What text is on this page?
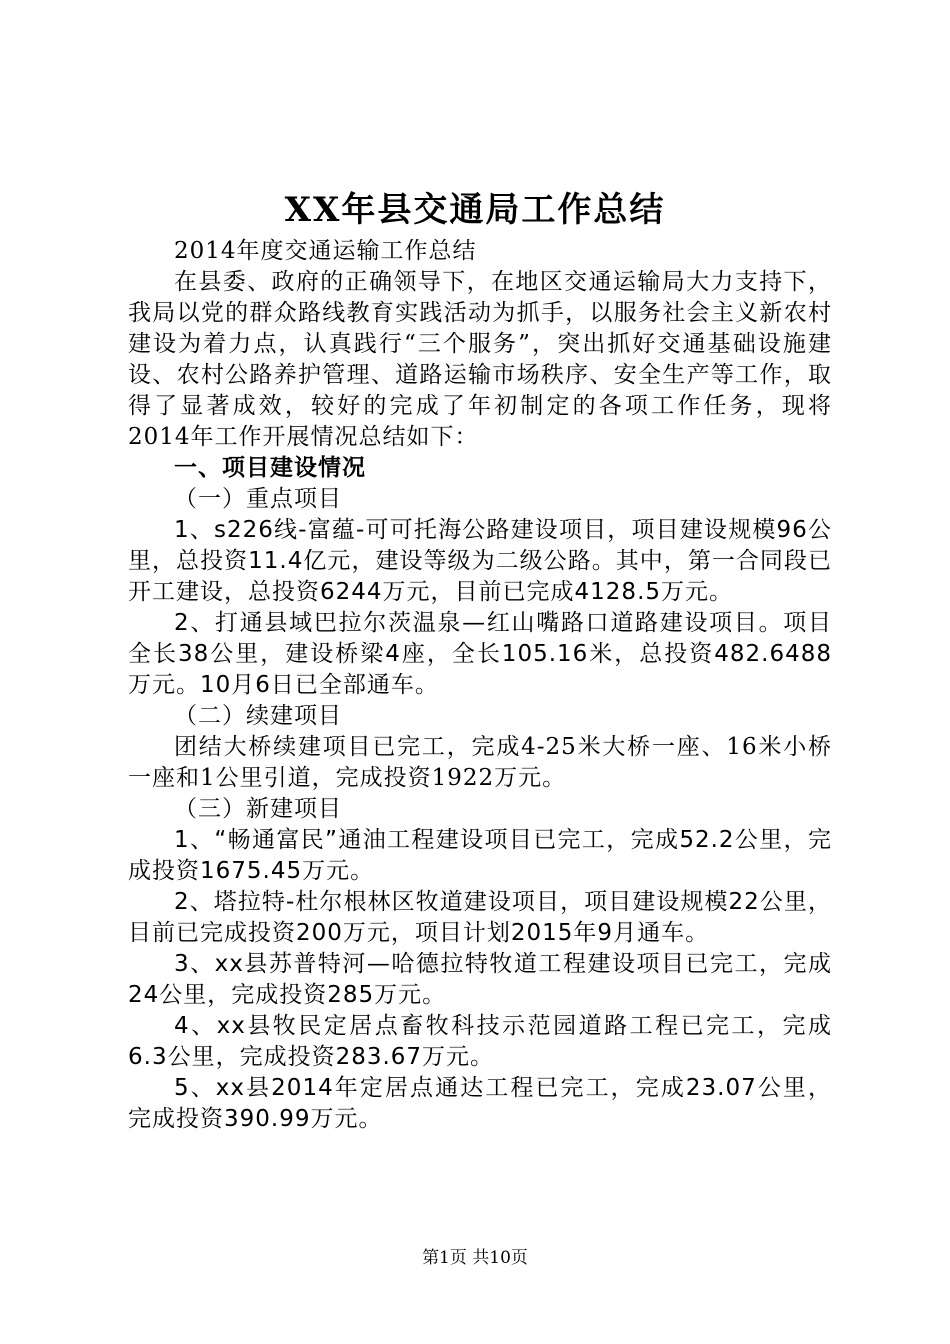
XX年县交通局工作总结

2014年度交通运输工作总结

在县委、政府的正确领导下，在地区交通运输局大力支持下，我局以党的群众路线教育实践活动为抓手，以服务社会主义新农村建设为着力点，认真践行“三个服务”，突出抓好交通基础设施建设、农村公路养护管理、道路运输市场秩序、安全生产等工作，取得了显著成效，较好的完成了年初制定的各项工作任务，现将2014年工作开展情况总结如下：

一、项目建设情况

（一）重点项目

1、s226线-富蕴-可可托海公路建设项目，项目建设规模96公里，总投资11.4亿元，建设等级为二级公路。其中，第一合同段已开工建设，总投资6244万元，目前已完成4128.5万元。

2、打通县域巴拉尔茨温泉—红山嘴路口道路建设项目。项目全长38公里，建设桥梁4座，全长105.16米，总投资482.6488万元。10月6日已全部通车。

（二）续建项目

团结大桥续建项目已完工，完成4-25米大桥一座、16米小桥一座和1公里引道，完成投资1922万元。

（三）新建项目

1、“畅通富民”通油工程建设项目已完工，完成52.2公里，完成投资1675.45万元。

2、塔拉特-杜尔根林区牧道建设项目，项目建设规模22公里，目前已完成投资200万元，项目计划2015年9月通车。

3、xx县苏普特河—哈德拉特牧道工程建设项目已完工，完成24公里，完成投资285万元。

4、xx县牧民定居点畜牧科技示范园道路工程已完工，完成6.3公里，完成投资283.67万元。

5、xx县2014年定居点通达工程已完工，完成23.07公里，完成投资390.99万元。

第1页 共10页
